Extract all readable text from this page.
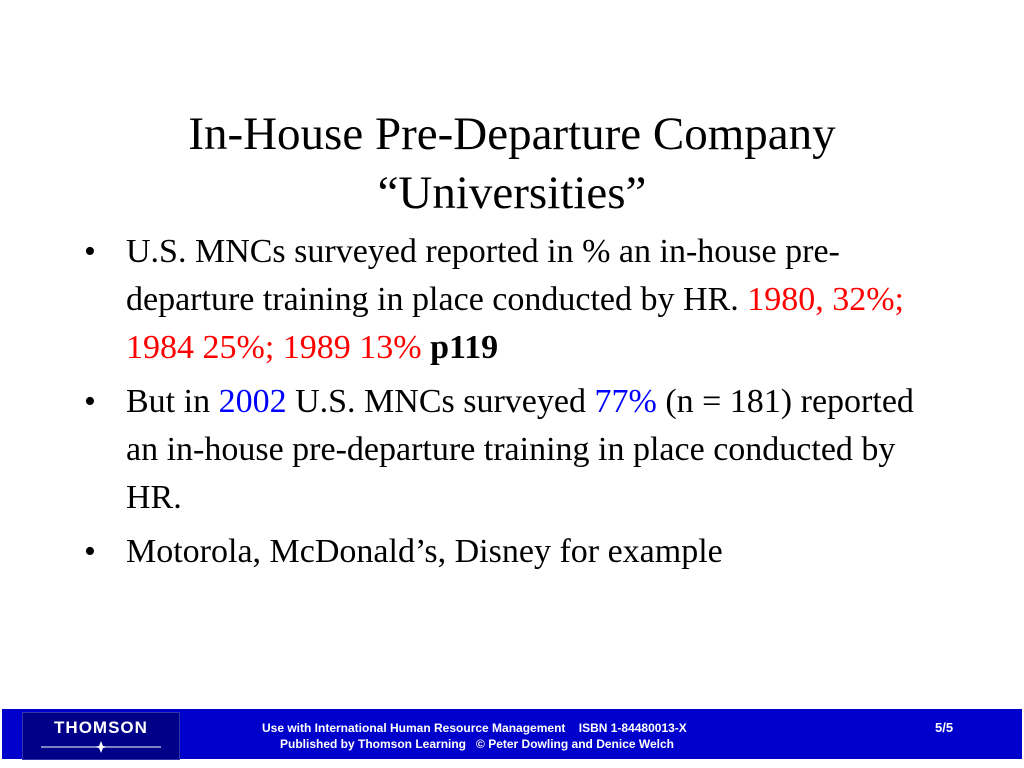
In-House Pre-Departure Company
“Universities”
• U.S. MNCs surveyed reported in % an in-house pre-departure training in place conducted by HR. 1980, 32%; 1984 25%; 1989 13% p119
• But in 2002 U.S. MNCs surveyed 77% (n = 181) reported an in-house pre-departure training in place conducted by HR.
• Motorola, McDonald’s, Disney for example
THOMSON	Use with International Human Resource Management    ISBN 1-84480013-X
Published by Thomson Learning   © Peter Dowling and Denice Welch
5/5
